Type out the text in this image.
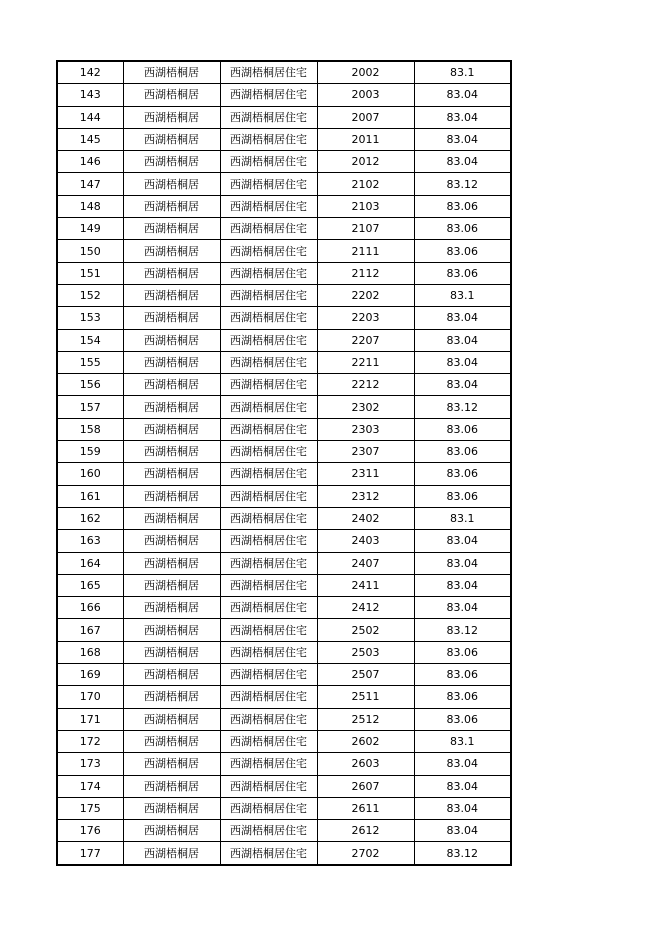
142	西湖梧桐居	西湖梧桐居住宅	2002	83.1
143	西湖梧桐居	西湖梧桐居住宅	2003	83.04
144	西湖梧桐居	西湖梧桐居住宅	2007	83.04
145	西湖梧桐居	西湖梧桐居住宅	2011	83.04
146	西湖梧桐居	西湖梧桐居住宅	2012	83.04
147	西湖梧桐居	西湖梧桐居住宅	2102	83.12
148	西湖梧桐居	西湖梧桐居住宅	2103	83.06
149	西湖梧桐居	西湖梧桐居住宅	2107	83.06
150	西湖梧桐居	西湖梧桐居住宅	2111	83.06
151	西湖梧桐居	西湖梧桐居住宅	2112	83.06
152	西湖梧桐居	西湖梧桐居住宅	2202	83.1
153	西湖梧桐居	西湖梧桐居住宅	2203	83.04
154	西湖梧桐居	西湖梧桐居住宅	2207	83.04
155	西湖梧桐居	西湖梧桐居住宅	2211	83.04
156	西湖梧桐居	西湖梧桐居住宅	2212	83.04
157	西湖梧桐居	西湖梧桐居住宅	2302	83.12
158	西湖梧桐居	西湖梧桐居住宅	2303	83.06
159	西湖梧桐居	西湖梧桐居住宅	2307	83.06
160	西湖梧桐居	西湖梧桐居住宅	2311	83.06
161	西湖梧桐居	西湖梧桐居住宅	2312	83.06
162	西湖梧桐居	西湖梧桐居住宅	2402	83.1
163	西湖梧桐居	西湖梧桐居住宅	2403	83.04
164	西湖梧桐居	西湖梧桐居住宅	2407	83.04
165	西湖梧桐居	西湖梧桐居住宅	2411	83.04
166	西湖梧桐居	西湖梧桐居住宅	2412	83.04
167	西湖梧桐居	西湖梧桐居住宅	2502	83.12
168	西湖梧桐居	西湖梧桐居住宅	2503	83.06
169	西湖梧桐居	西湖梧桐居住宅	2507	83.06
170	西湖梧桐居	西湖梧桐居住宅	2511	83.06
171	西湖梧桐居	西湖梧桐居住宅	2512	83.06
172	西湖梧桐居	西湖梧桐居住宅	2602	83.1
173	西湖梧桐居	西湖梧桐居住宅	2603	83.04
174	西湖梧桐居	西湖梧桐居住宅	2607	83.04
175	西湖梧桐居	西湖梧桐居住宅	2611	83.04
176	西湖梧桐居	西湖梧桐居住宅	2612	83.04
177	西湖梧桐居	西湖梧桐居住宅	2702	83.12
